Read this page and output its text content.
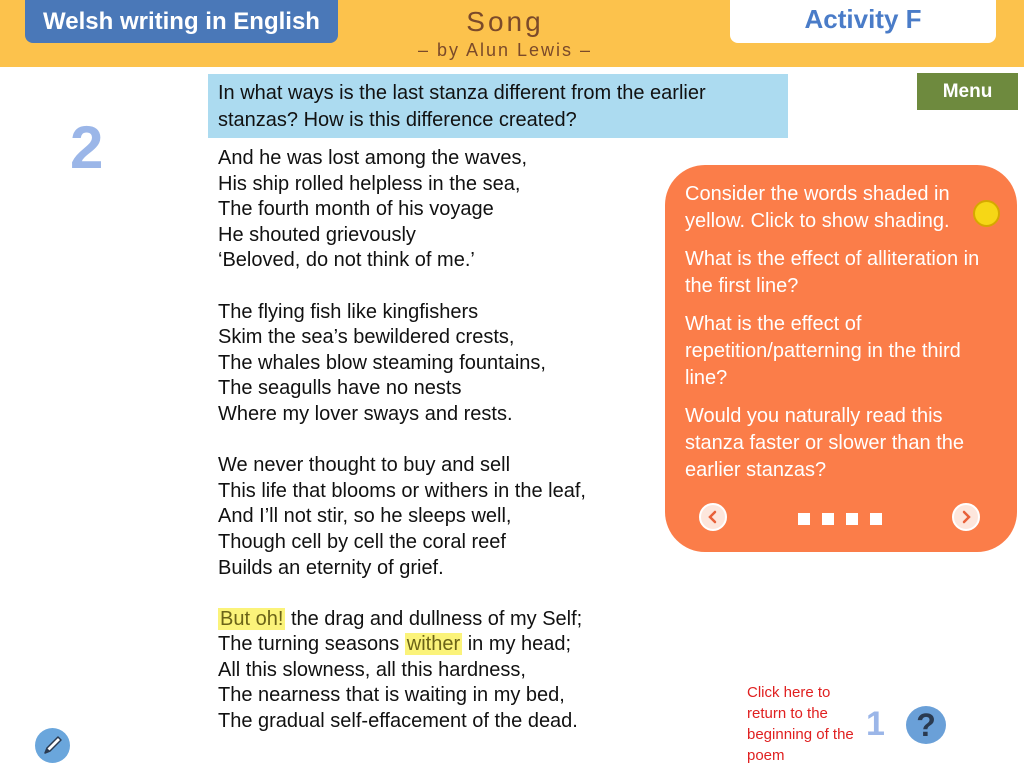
Welsh writing in English	Song
– by Alun Lewis –
Activity F
Menu
2
In what ways is the last stanza different from the earlier
stanzas? How is this difference created?
And he was lost among the waves,
His ship rolled helpless in the sea,
The fourth month of his voyage
He shouted grievously
‘Beloved, do not think of me.’
The flying fish like kingfishers
Skim the sea’s bewildered crests,
The whales blow steaming fountains,
The seagulls have no nests
Where my lover sways and rests.
We never thought to buy and sell
This life that blooms or withers in the leaf,
And I’ll not stir, so he sleeps well,
Though cell by cell the coral reef
Builds an eternity of grief.
But oh! the drag and dullness of my Self;
The turning seasons wither in my head;
All this slowness, all this hardness,
The nearness that is waiting in my bed,
The gradual self-effacement of the dead.

Consider the words shaded in yellow. Click to show shading.

What is the effect of alliteration in the first line?

What is the effect of repetition/patterning in the third line?

Would you naturally read this stanza faster or slower than the earlier stanzas?

Click here to return to the beginning of the poem
1 ?
